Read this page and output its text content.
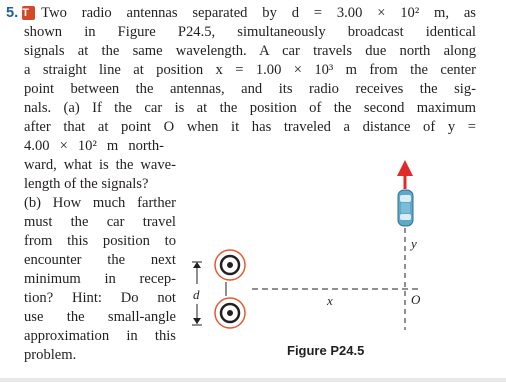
5. T Two radio antennas separated by d = 3.00 × 10² m, as
shown in Figure P24.5, simultaneously broadcast identical
signals at the same wavelength. A car travels due north along
a straight line at position x = 1.00 × 10³ m from the center
point between the antennas, and its radio receives the sig-
nals. (a) If the car is at the position of the second maximum
after that at point O when it has traveled a distance of y =
4.00 × 10² m north-
ward, what is the wave-
length of the signals?
(b) How much farther
must the car travel
from this position to
encounter the next
minimum in recep-
tion? Hint: Do not
use the small-angle
approximation in this
problem.
d	x
y
O
Figure P24.5
